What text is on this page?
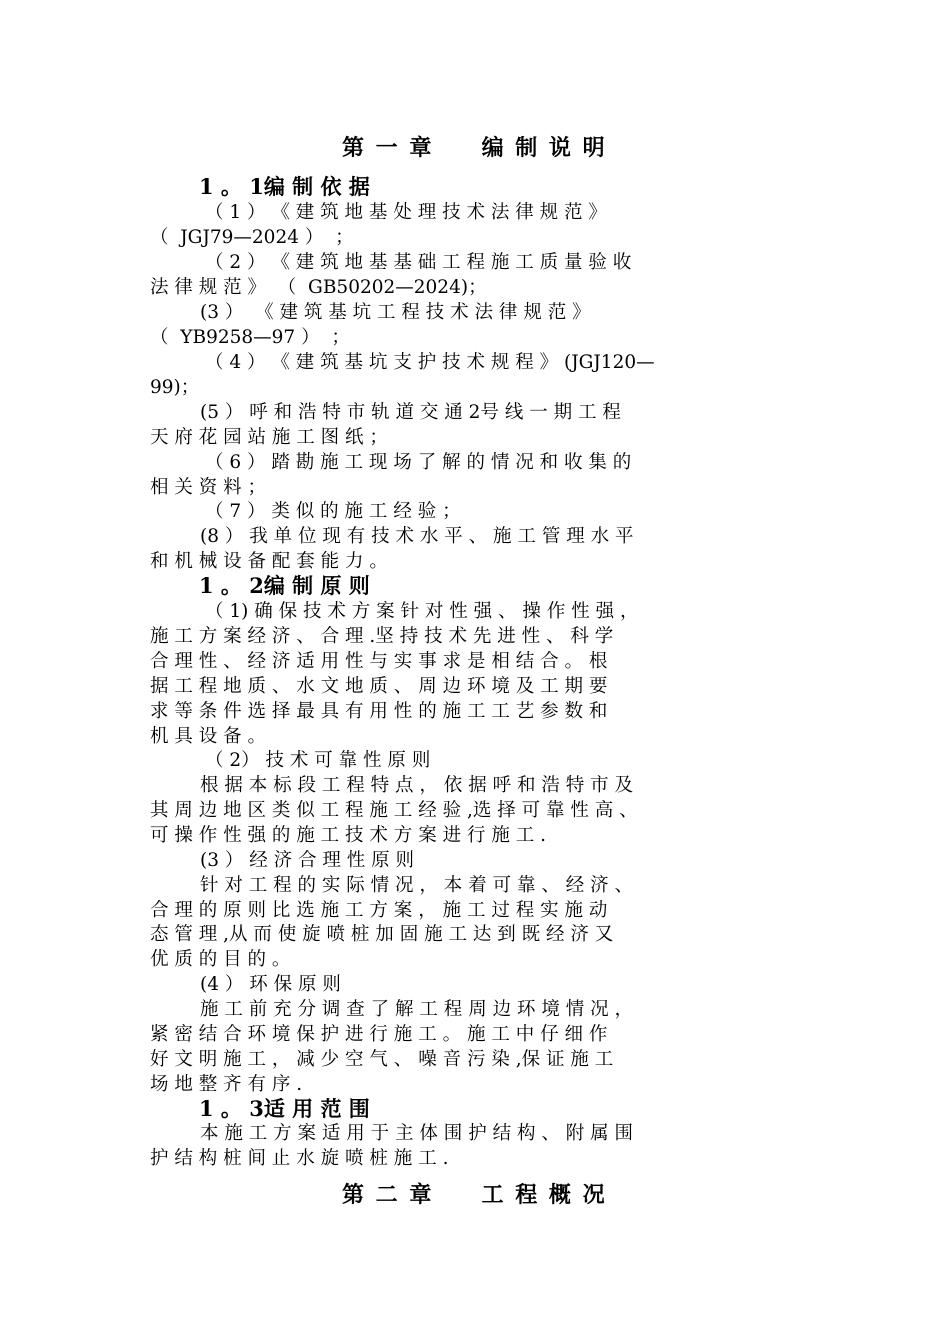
第 一 章     编 制 说 明
1 。 1编 制 依 据
（ 1 ） 《 建 筑 地 基 处 理 技 术 法 律 规 范 》
（  JGJ79—2024 ）  ；
（ 2 ） 《 建 筑 地 基 基 础 工 程 施 工 质 量 验 收
法 律 规 范 》  （  GB50202—2024)；
(3 ）  《 建 筑 基 坑 工 程 技 术 法 律 规 范 》
（  YB9258—97 ）  ；
（ 4 ） 《 建 筑 基 坑 支 护 技 术 规 程 》 (JGJ120—
99)；
(5 ） 呼 和 浩 特 市 轨 道 交 通 2号 线 一 期 工 程
天 府 花 园 站 施 工 图 纸 ；
（ 6 ） 踏 勘 施 工 现 场 了 解 的 情 况 和 收 集 的
相 关 资 料 ；
（ 7 ） 类 似 的 施 工 经 验 ；
(8 ） 我 单 位 现 有 技 术 水 平 、 施 工 管 理 水 平
和 机 械 设 备 配 套 能 力 。
1 。 2编 制 原 则
（ 1) 确 保 技 术 方 案 针 对 性 强 、 操 作 性 强 ，
施 工 方 案 经 济 、 合 理 .坚 持 技 术 先 进 性 、 科 学
合 理 性 、 经 济 适 用 性 与 实 事 求 是 相 结 合 。 根
据 工 程 地 质 、 水 文 地 质 、 周 边 环 境 及 工 期 要
求 等 条 件 选 择 最 具 有 用 性 的 施 工 工 艺 参 数 和
机 具 设 备 。
（ 2） 技 术 可 靠 性 原 则
根 据 本 标 段 工 程 特 点 ， 依 据 呼 和 浩 特 市 及
其 周 边 地 区 类 似 工 程 施 工 经 验 ,选 择 可 靠 性 高 、
可 操 作 性 强 的 施 工 技 术 方 案 进 行 施 工 .
(3 ） 经 济 合 理 性 原 则
针 对 工 程 的 实 际 情 况 ， 本 着 可 靠 、 经 济 、
合 理 的 原 则 比 选 施 工 方 案 ， 施 工 过 程 实 施 动
态 管 理 ,从 而 使 旋 喷 桩 加 固 施 工 达 到 既 经 济 又
优 质 的 目 的 。
(4 ） 环 保 原 则
施 工 前 充 分 调 查 了 解 工 程 周 边 环 境 情 况 ，
紧 密 结 合 环 境 保 护 进 行 施 工 。 施 工 中 仔 细 作
好 文 明 施 工 ， 减 少 空 气 、 噪 音 污 染 ,保 证 施 工
场 地 整 齐 有 序 .
1 。 3适 用 范 围
本 施 工 方 案 适 用 于 主 体 围 护 结 构 、 附 属 围
护 结 构 桩 间 止 水 旋 喷 桩 施 工 .
第 二 章     工 程 概 况
